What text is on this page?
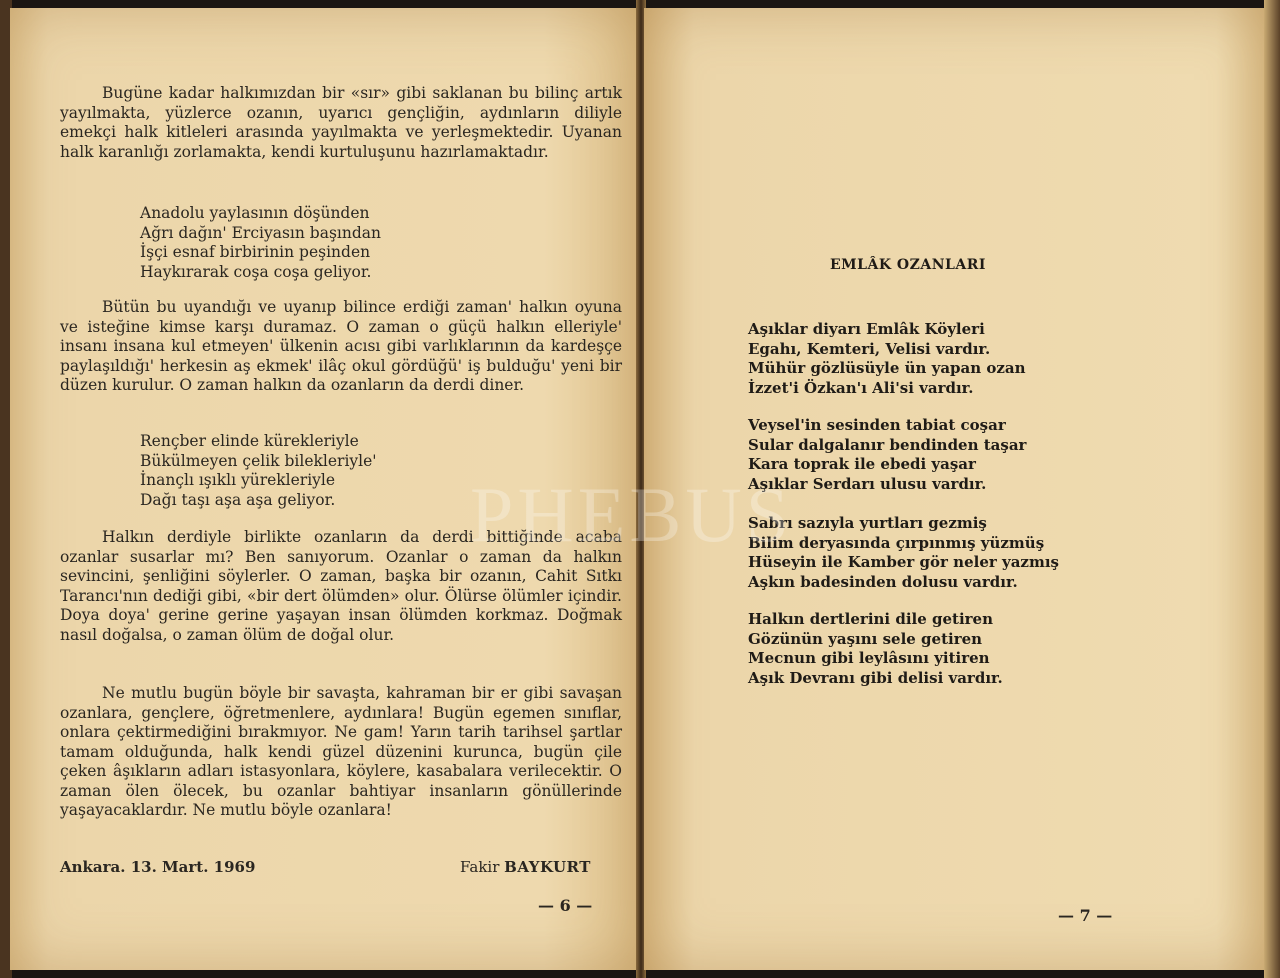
Bugüne kadar halkımızdan bir «sır» gibi saklanan bu bilinç artık yayılmakta, yüzlerce ozanın, uyarıcı gençliğin, aydınların diliyle emekçi halk kitleleri arasında yayılmakta ve yerleşmektedir. Uyanan halk karanlığı zorlamakta, kendi kurtuluşunu hazırlamaktadır.

Anadolu yaylasının döşünden
Ağrı dağın' Erciyasın başından
İşçi esnaf birbirinin peşinden
Haykırarak coşa coşa geliyor.

Bütün bu uyandığı ve uyanıp bilince erdiği zaman' halkın oyuna ve isteğine kimse karşı duramaz. O zaman o güçü halkın elleriyle' insanı insana kul etmeyen' ülkenin acısı gibi varlıklarının da kardeşçe paylaşıldığı' herkesin aş ekmek' ilâç okul gördüğü' iş bulduğu' yeni bir düzen kurulur. O zaman halkın da ozanların da derdi diner.

Rençber elinde kürekleriyle
Bükülmeyen çelik bilekleriyle'
İnançlı ışıklı yürekleriyle
Dağı taşı aşa aşa geliyor.

Halkın derdiyle birlikte ozanların da derdi bittiğinde acaba ozanlar susarlar mı? Ben sanıyorum. Ozanlar o zaman da halkın sevincini, şenliğini söylerler. O zaman, başka bir ozanın, Cahit Sıtkı Tarancı'nın dediği gibi, «bir dert ölümden» olur. Ölürse ölümler içindir. Doya doya' gerine gerine yaşayan insan ölümden korkmaz. Doğmak nasıl doğalsa, o zaman ölüm de doğal olur.

Ne mutlu bugün böyle bir savaşta, kahraman bir er gibi savaşan ozanlara, gençlere, öğretmenlere, aydınlara! Bugün egemen sınıflar, onlara çektirmediğini bırakmıyor. Ne gam! Yarın tarih tarihsel şartlar tamam olduğunda, halk kendi güzel düzenini kurunca, bugün çile çeken âşıkların adları istasyonlara, köylere, kasabalara verilecektir. O zaman ölen ölecek, bu ozanlar bahtiyar insanların gönüllerinde yaşayacaklardır. Ne mutlu böyle ozanlara!

Ankara. 13. Mart. 1969	Fakir BAYKURT
— 6 —
EMLÂK OZANLARI
Aşıklar diyarı Emlâk Köyleri
Egahı, Kemteri, Velisi vardır.
Mühür gözlüsüyle ün yapan ozan
İzzet'i Özkan'ı Ali'si vardır.
Veysel'in sesinden tabiat coşar
Sular dalgalanır bendinden taşar
Kara toprak ile ebedi yaşar
Aşıklar Serdarı ulusu vardır.
Sabrı sazıyla yurtları gezmiş
Bilim deryasında çırpınmış yüzmüş
Hüseyin ile Kamber gör neler yazmış
Aşkın badesinden dolusu vardır.
Halkın dertlerini dile getiren
Gözünün yaşını sele getiren
Mecnun gibi leylâsını yitiren
Aşık Devranı gibi delisi vardır.
— 7 —
PHEBUS
